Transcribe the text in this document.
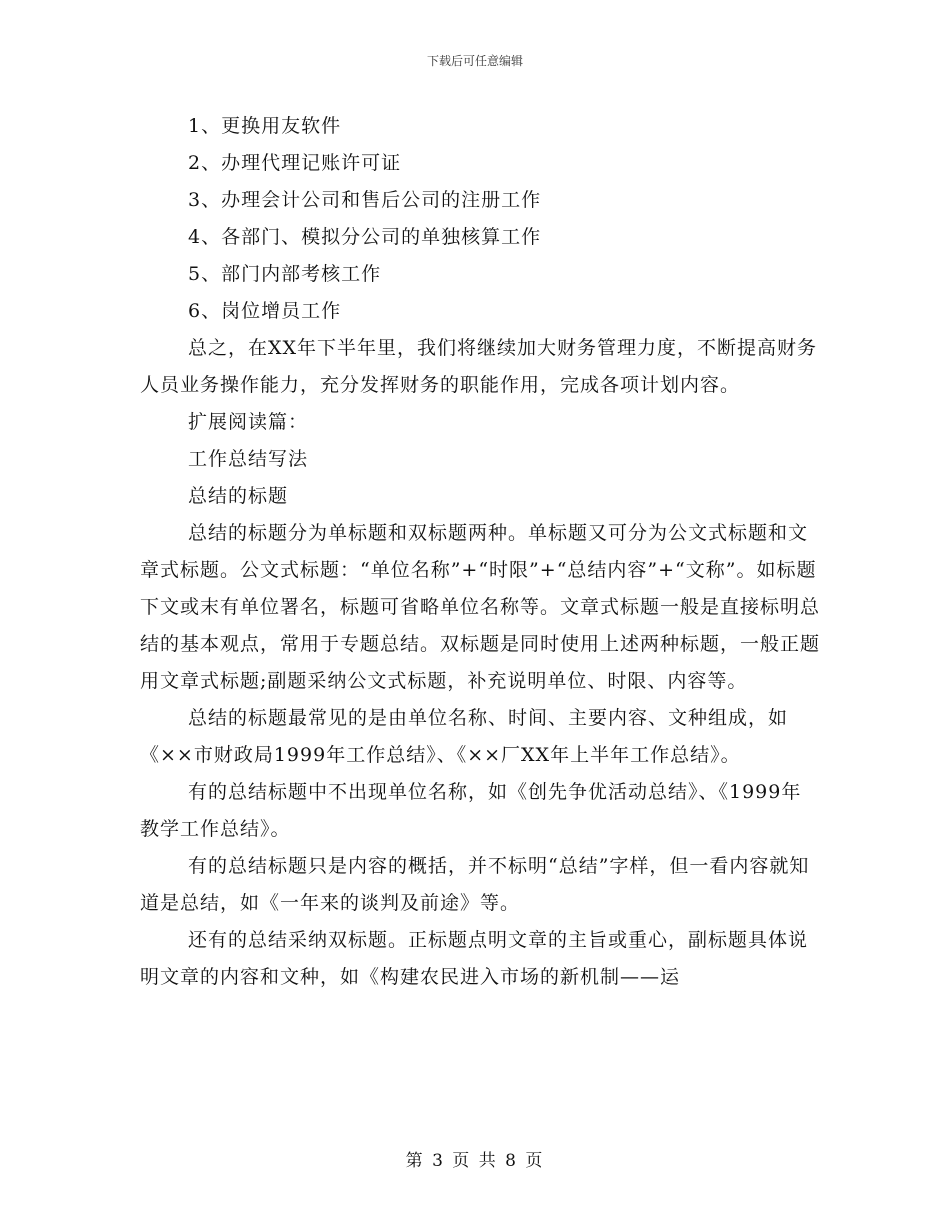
下载后可任意编辑

1、更换用友软件

2、办理代理记账许可证

3、办理会计公司和售后公司的注册工作

4、各部门、模拟分公司的单独核算工作

5、部门内部考核工作

6、岗位增员工作

总之，在XX年下半年里，我们将继续加大财务管理力度，不断提高财务人员业务操作能力，充分发挥财务的职能作用，完成各项计划内容。

扩展阅读篇：

工作总结写法

总结的标题

总结的标题分为单标题和双标题两种。单标题又可分为公文式标题和文章式标题。公文式标题：“单位名称”+“时限”+“总结内容”+“文称”。如标题下文或末有单位署名，标题可省略单位名称等。文章式标题一般是直接标明总结的基本观点，常用于专题总结。双标题是同时使用上述两种标题，一般正题用文章式标题;副题采纳公文式标题，补充说明单位、时限、内容等。

总结的标题最常见的是由单位名称、时间、主要内容、文种组成，如《××市财政局1999年工作总结》、《××厂XX年上半年工作总结》。

有的总结标题中不出现单位名称，如《创先争优活动总结》、《1999年教学工作总结》。

有的总结标题只是内容的概括，并不标明“总结”字样，但一看内容就知道是总结，如《一年来的谈判及前途》等。

还有的总结采纳双标题。正标题点明文章的主旨或重心，副标题具体说明文章的内容和文种，如《构建农民进入市场的新机制——运

第 3 页 共 8 页
